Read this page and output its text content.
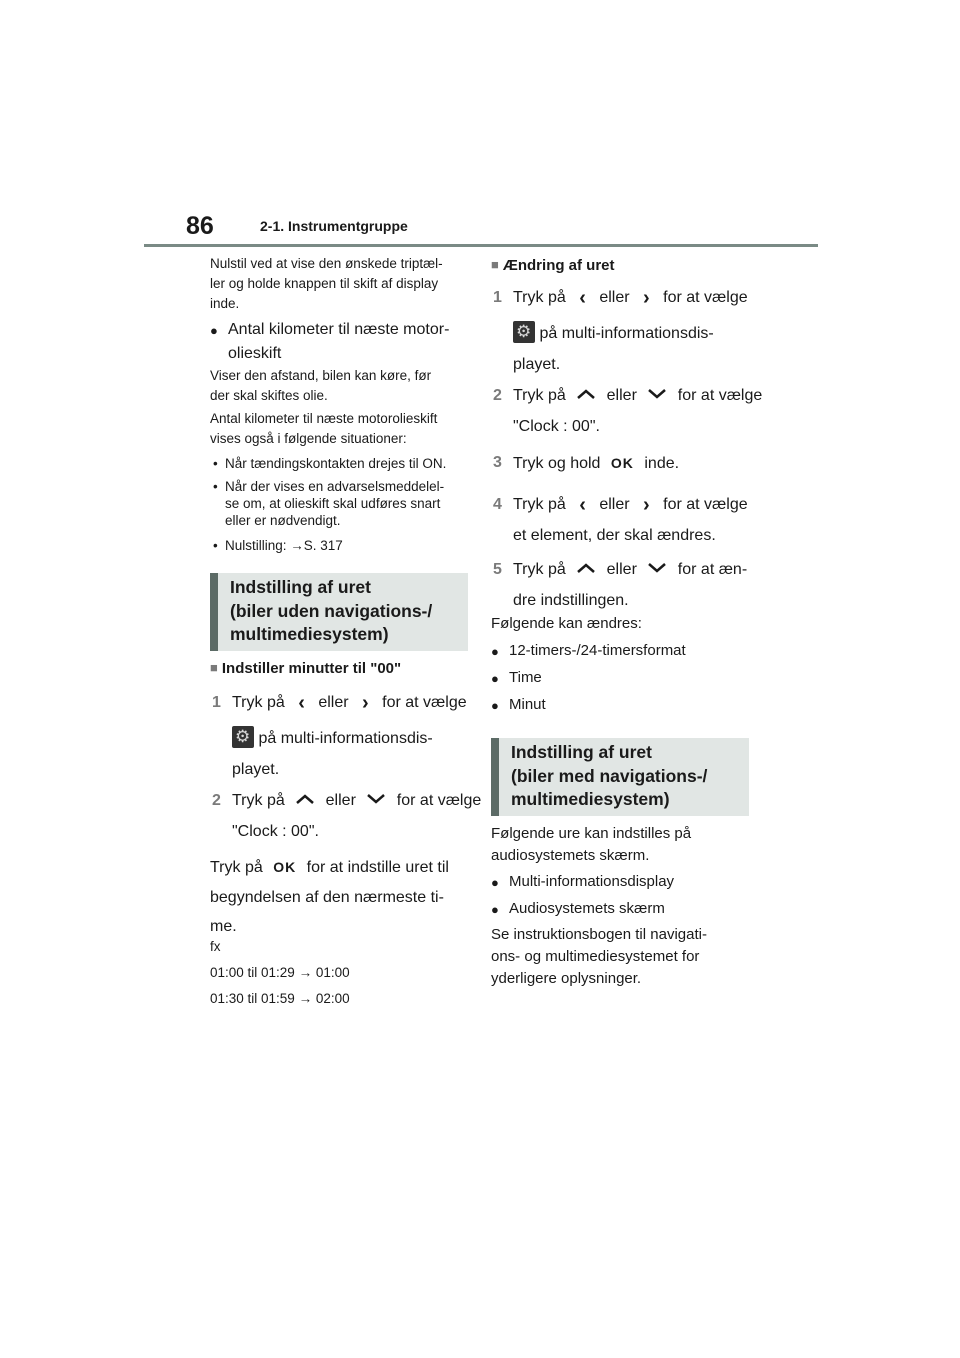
86	2-1. Instrumentgruppe
Nulstil ved at vise den ønskede triptæl-
ler og holde knappen til skift af display
inde.
● Antal kilometer til næste motor-
olieskift
Viser den afstand, bilen kan køre, før
der skal skiftes olie.
Antal kilometer til næste motorolieskift
vises også i følgende situationer:
• Når tændingskontakten drejes til ON.
• Når der vises en advarselsmeddelel-
se om, at olieskift skal udføres snart
eller er nødvendigt.
• Nulstilling: →S. 317
Indstilling af uret
(biler uden navigations-/
multimediesystem)
■ Indstiller minutter til "00"
1 Tryk på ‹ eller › for at vælge
⚙ på multi-informationsdis-
playet.
2 Tryk på	eller	for at vælge
"Clock : 00".
Tryk på OK for at indstille uret til
begyndelsen af den nærmeste ti-
me.
fx
01:00 til 01:29 → 01:00
01:30 til 01:59 → 02:00
■ Ændring af uret
1 Tryk på ‹ eller › for at vælge
⚙ på multi-informationsdis-
playet.
2 Tryk på	eller	for at vælge
"Clock : 00".
3 Tryk og hold OK inde.
4 Tryk på ‹ eller › for at vælge
et element, der skal ændres.
5 Tryk på	eller	for at æn-
dre indstillingen.
Følgende kan ændres:
● 12-timers-/24-timersformat
● Time
● Minut
Indstilling af uret
(biler med navigations-/
multimediesystem)
Følgende ure kan indstilles på
audiosystemets skærm.
● Multi-informationsdisplay
● Audiosystemets skærm
Se instruktionsbogen til navigati-
ons- og multimediesystemet for
yderligere oplysninger.
